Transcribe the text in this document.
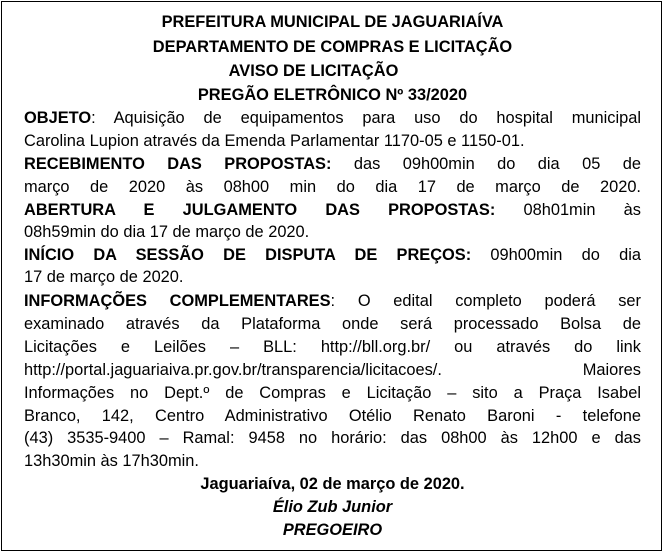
PREFEITURA MUNICIPAL DE JAGUARIAÍVA
DEPARTAMENTO DE COMPRAS E LICITAÇÃO
AVISO DE LICITAÇÃO
PREGÃO ELETRÔNICO Nº 33/2020
OBJETO: Aquisição de equipamentos para uso do hospital municipal
Carolina Lupion através da Emenda Parlamentar 1170-05 e 1150-01.
RECEBIMENTO DAS PROPOSTAS: das 09h00min do dia 05 de
março de 2020 às 08h00 min do dia 17 de março de 2020.
ABERTURA E JULGAMENTO DAS PROPOSTAS: 08h01min às
08h59min do dia 17 de março de 2020.
INÍCIO DA SESSÃO DE DISPUTA DE PREÇOS: 09h00min do dia
17 de março de 2020.
INFORMAÇÕES COMPLEMENTARES: O edital completo poderá ser
examinado através da Plataforma onde será processado Bolsa de
Licitações e Leilões – BLL: http://bll.org.br/ ou através do link
http://portal.jaguariaiva.pr.gov.br/transparencia/licitacoes/. Maiores
Informações no Dept.º de Compras e Licitação – sito a Praça Isabel
Branco, 142, Centro Administrativo Otélio Renato Baroni - telefone
(43) 3535-9400 – Ramal: 9458 no horário: das 08h00 às 12h00 e das
13h30min às 17h30min.
Jaguariaíva, 02 de março de 2020.
Élio Zub Junior
PREGOEIRO
